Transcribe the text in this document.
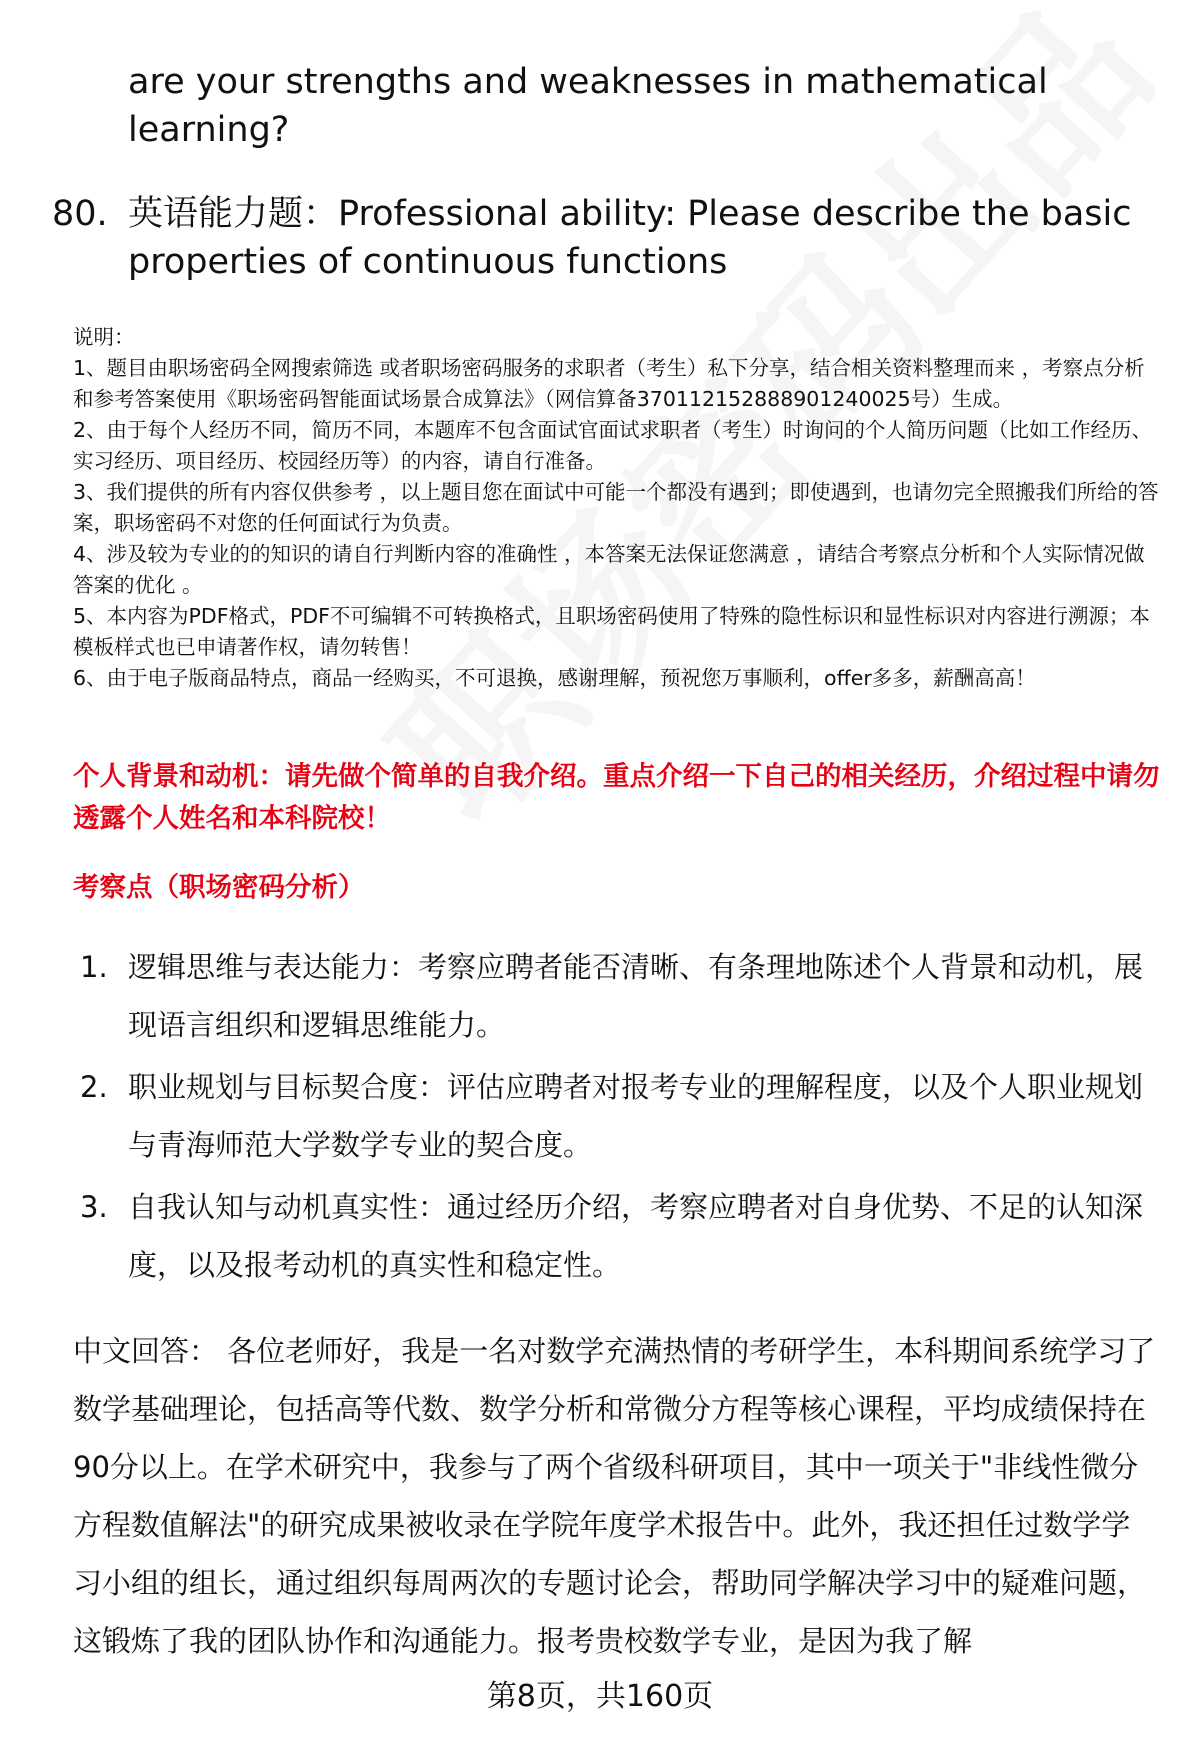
are your strengths and weaknesses in mathematical learning?
80. 英语能力题：Professional ability: Please describe the basic properties of continuous functions
说明：
1、题目由职场密码全网搜索筛选 或者职场密码服务的求职者（考生）私下分享，结合相关资料整理而来 ，考察点分析和参考答案使用《职场密码智能面试场景合成算法》（网信算备370112152888901240025号）生成。
2、由于每个人经历不同，简历不同，本题库不包含面试官面试求职者（考生）时询问的个人简历问题（比如工作经历、实习经历、项目经历、校园经历等）的内容，请自行准备。
3、我们提供的所有内容仅供参考 ，以上题目您在面试中可能一个都没有遇到；即使遇到，也请勿完全照搬我们所给的答案，职场密码不对您的任何面试行为负责。
4、涉及较为专业的的知识的请自行判断内容的准确性 ，本答案无法保证您满意 ，请结合考察点分析和个人实际情况做答案的优化 。
5、本内容为PDF格式，PDF不可编辑不可转换格式，且职场密码使用了特殊的隐性标识和显性标识对内容进行溯源；本模板样式也已申请著作权，请勿转售！
6、由于电子版商品特点，商品一经购买，不可退换，感谢理解，预祝您万事顺利，offer多多，薪酬高高！
个人背景和动机：请先做个简单的自我介绍。重点介绍一下自己的相关经历，介绍过程中请勿透露个人姓名和本科院校！
考察点（职场密码分析）
1. 逻辑思维与表达能力：考察应聘者能否清晰、有条理地陈述个人背景和动机，展现语言组织和逻辑思维能力。
2. 职业规划与目标契合度：评估应聘者对报考专业的理解程度，以及个人职业规划与青海师范大学数学专业的契合度。
3. 自我认知与动机真实性：通过经历介绍，考察应聘者对自身优势、不足的认知深度，以及报考动机的真实性和稳定性。
中文回答： 各位老师好，我是一名对数学充满热情的考研学生，本科期间系统学习了数学基础理论，包括高等代数、数学分析和常微分方程等核心课程，平均成绩保持在90分以上。在学术研究中，我参与了两个省级科研项目，其中一项关于"非线性微分方程数值解法"的研究成果被收录在学院年度学术报告中。此外，我还担任过数学学习小组的组长，通过组织每周两次的专题讨论会，帮助同学解决学习中的疑难问题，这锻炼了我的团队协作和沟通能力。报考贵校数学专业，是因为我了解
第8页，共160页
